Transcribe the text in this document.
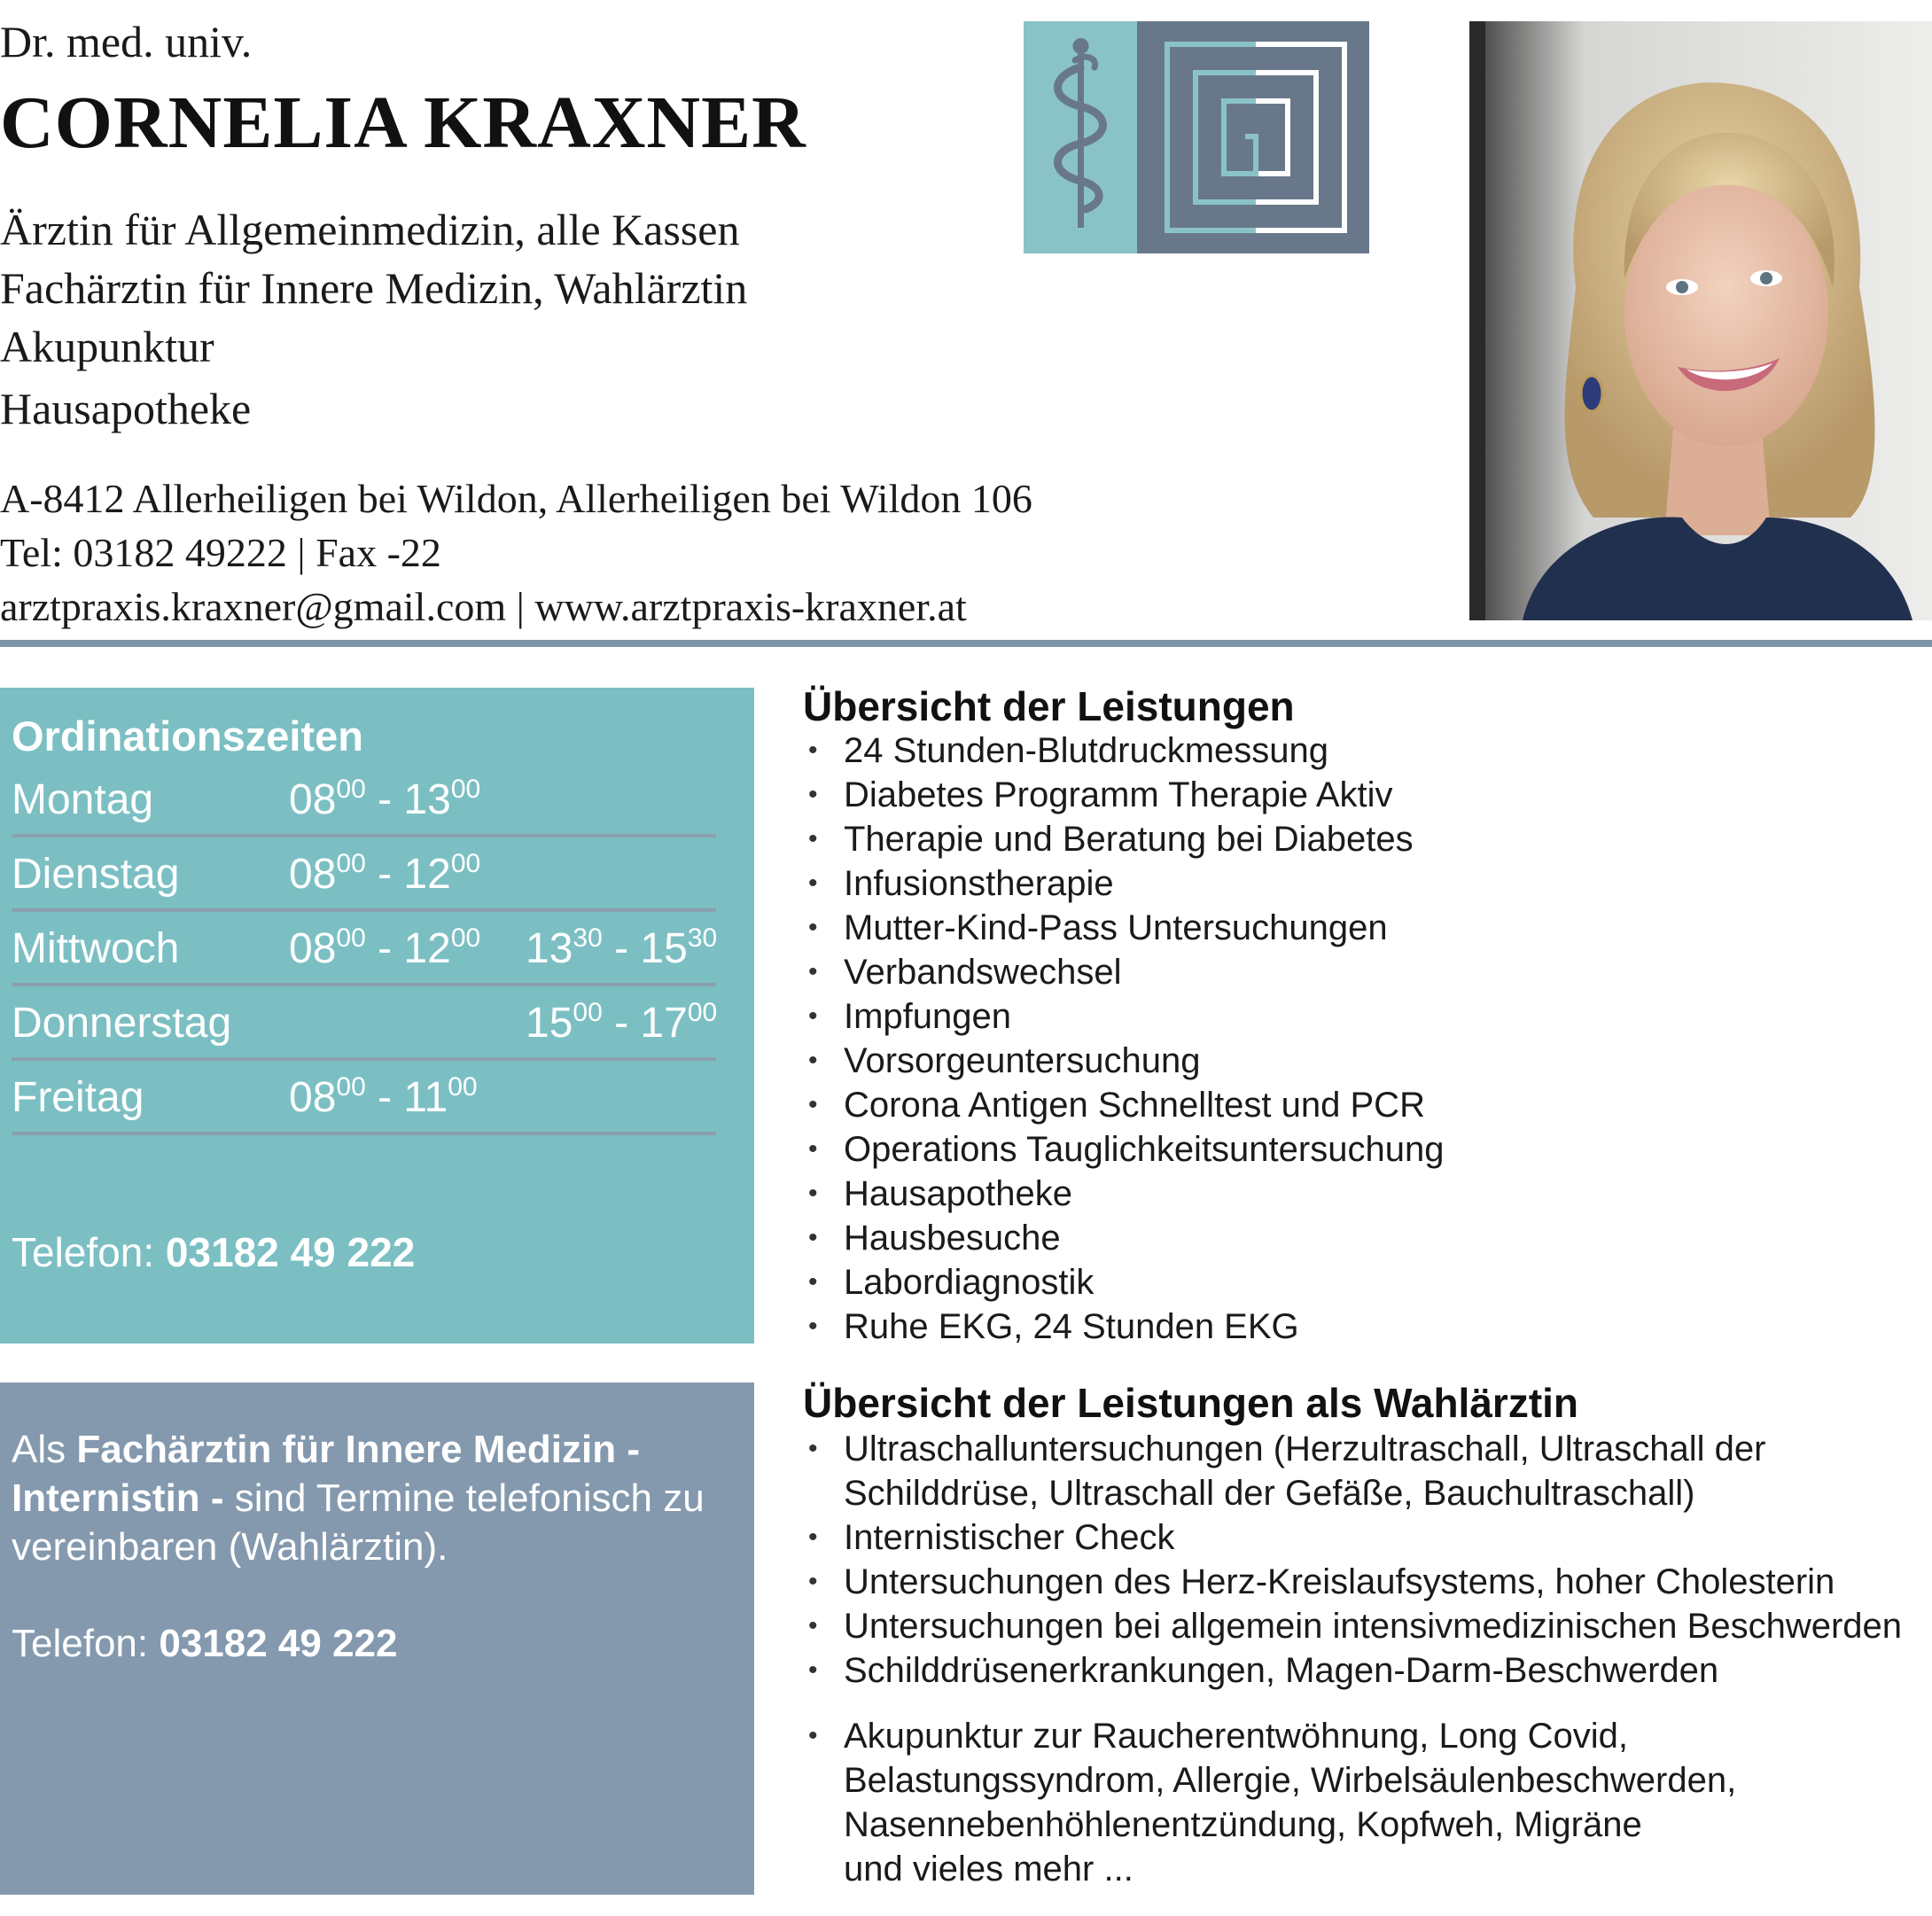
Dr. med. univ.
CORNELIA KRAXNER
Ärztin für Allgemeinmedizin, alle Kassen
Fachärztin für Innere Medizin, Wahlärztin
Akupunktur
Hausapotheke
A-8412 Allerheiligen bei Wildon, Allerheiligen bei Wildon 106
Tel: 03182 49222 | Fax -22
arztpraxis.kraxner@gmail.com | www.arztpraxis-kraxner.at
Ordinationszeiten
Montag	$08^{00} - 13^{00}$
Dienstag	$08^{00} - 12^{00}$
Mittwoch	$08^{00} - 12^{00}$ $13^{30} - 15^{30}$
Donnerstag	$15^{00} - 17^{00}$
Freitag	$08^{00} - 11^{00}$
Telefon: 03182 49 222
Als Fachärztin für Innere Medizin - Internistin - sind Termine telefonisch zu vereinbaren (Wahlärztin).
Telefon: 03182 49 222
Übersicht der Leistungen
• 24 Stunden-Blutdruckmessung
• Diabetes Programm Therapie Aktiv
• Therapie und Beratung bei Diabetes
• Infusionstherapie
• Mutter-Kind-Pass Untersuchungen
• Verbandswechsel
• Impfungen
• Vorsorgeuntersuchung
• Corona Antigen Schnelltest und PCR
• Operations Tauglichkeitsuntersuchung
• Hausapotheke
• Hausbesuche
• Labordiagnostik
• Ruhe EKG, 24 Stunden EKG
Übersicht der Leistungen als Wahlärztin
• Ultraschalluntersuchungen (Herzultraschall, Ultraschall der
Schilddrüse, Ultraschall der Gefäße, Bauchultraschall)
• Internistischer Check
• Untersuchungen des Herz-Kreislaufsystems, hoher Cholesterin
• Untersuchungen bei allgemein intensivmedizinischen Beschwerden
• Schilddrüsenerkrankungen, Magen-Darm-Beschwerden
• Akupunktur zur Raucherentwöhnung, Long Covid,
Belastungssyndrom, Allergie, Wirbelsäulenbeschwerden,
Nasennebenhöhlenentzündung, Kopfweh, Migräne
und vieles mehr ...
